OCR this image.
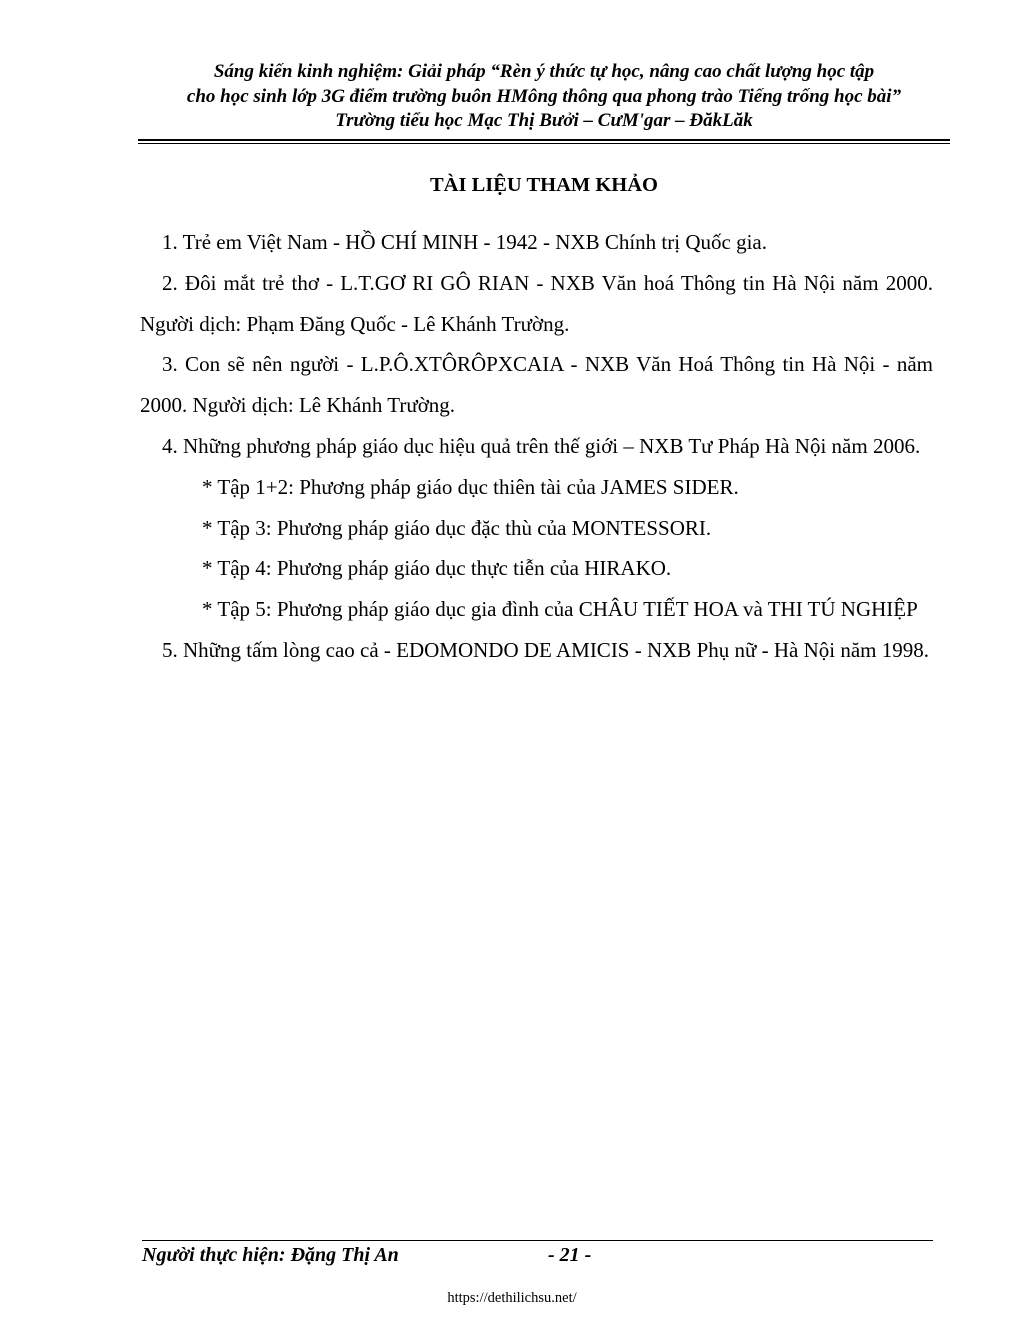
Sáng kiến kinh nghiệm: Giải pháp “Rèn ý thức tự học, nâng cao chất lượng học tập
cho học sinh lớp 3G điểm trường buôn HMông thông qua phong trào Tiếng trống học bài”
Trường tiểu học Mạc Thị Bưởi – CưM'gar – ĐăkLăk
TÀI LIỆU THAM KHẢO

1. Trẻ em Việt Nam - HỒ CHÍ MINH - 1942 - NXB Chính trị Quốc gia.

2. Đôi mắt trẻ thơ - L.T.GƠ RI GÔ RIAN - NXB Văn hoá Thông tin Hà Nội năm 2000. Người dịch: Phạm Đăng Quốc - Lê Khánh Trường.

3. Con sẽ nên người - L.P.Ô.XTÔRÔPXCAIA - NXB Văn Hoá Thông tin Hà Nội - năm 2000. Người dịch: Lê Khánh Trường.

4. Những phương pháp giáo dục hiệu quả trên thế giới – NXB Tư Pháp Hà Nội năm 2006.

* Tập 1+2: Phương pháp giáo dục thiên tài của JAMES SIDER.

* Tập 3: Phương pháp giáo dục đặc thù của MONTESSORI.

* Tập 4: Phương pháp giáo dục thực tiễn của HIRAKO.

* Tập 5: Phương pháp giáo dục gia đình của CHÂU TIẾT HOA và THI TÚ NGHIỆP

5. Những tấm lòng cao cả - EDOMONDO DE AMICIS - NXB Phụ nữ - Hà Nội năm 1998.

Người thực hiện: Đặng Thị An	- 21 -
https://dethilichsu.net/
